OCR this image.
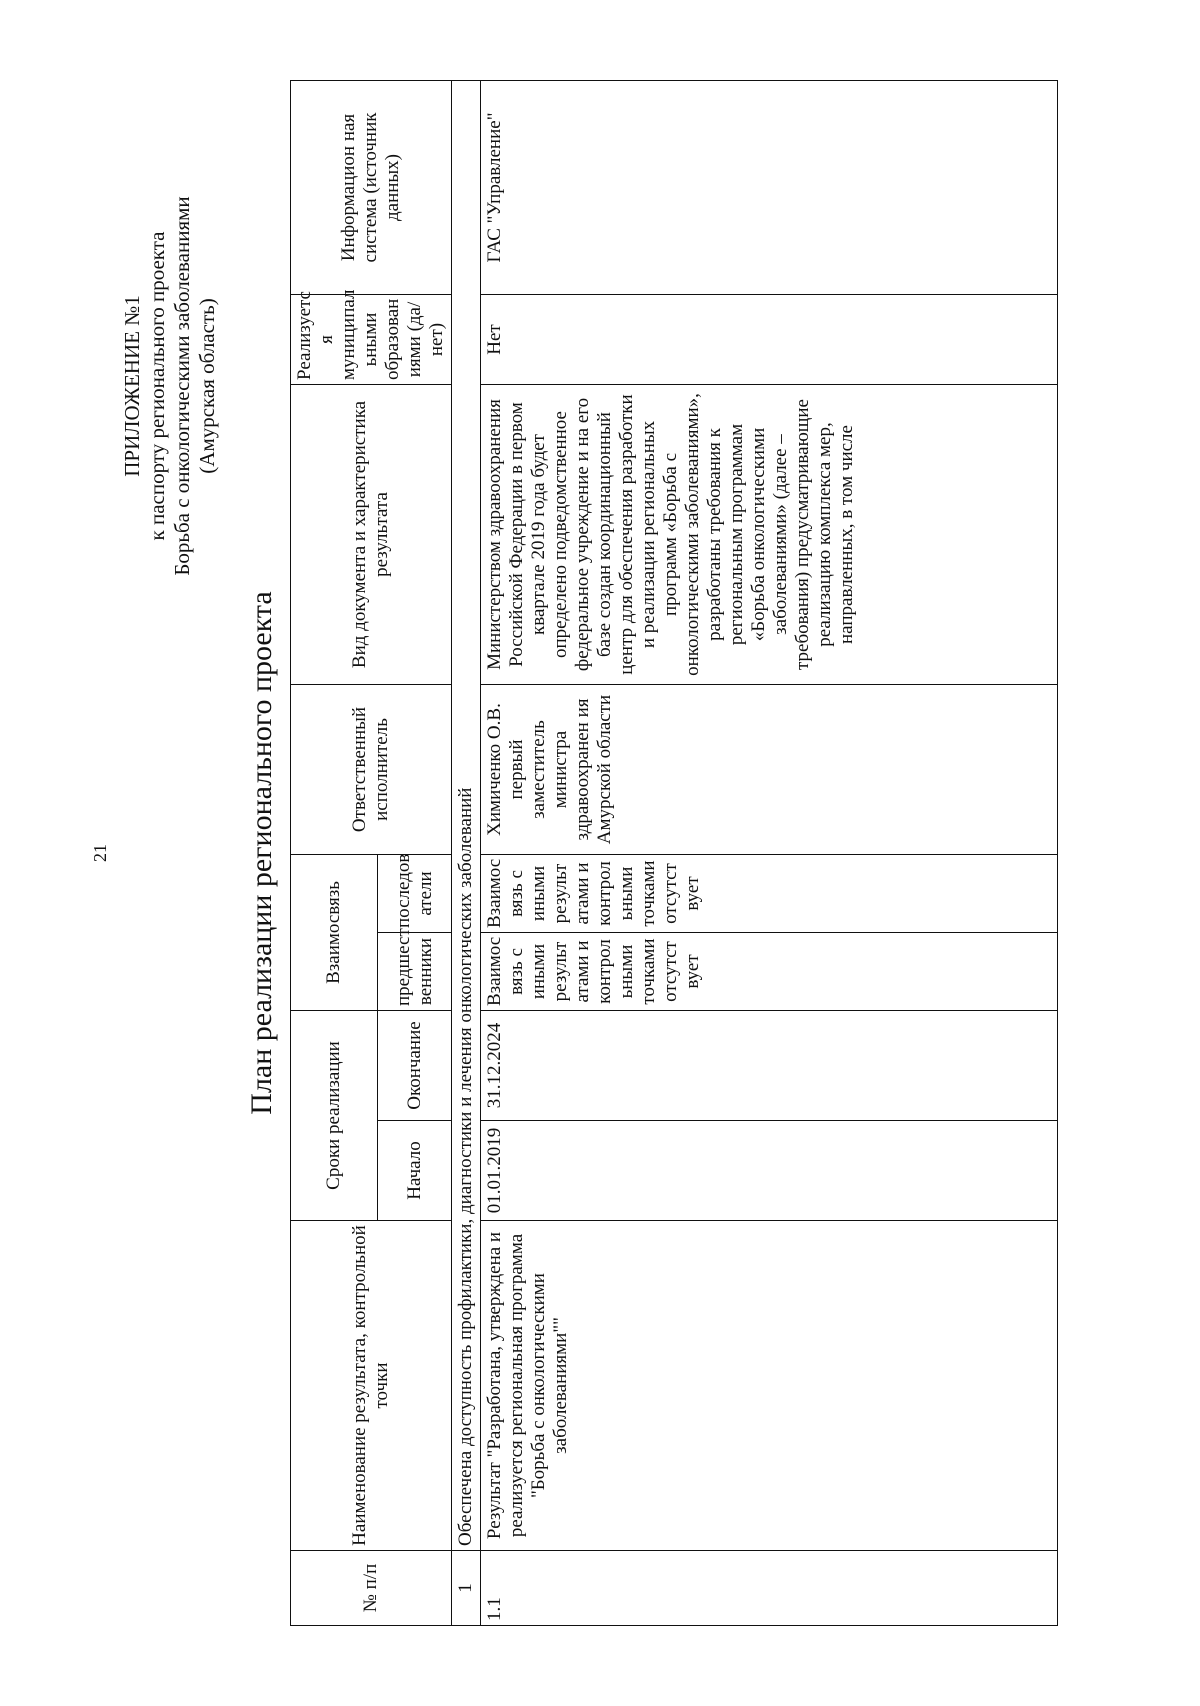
21
ПРИЛОЖЕНИЕ №1 к паспорту регионального проекта Борьба с онкологическими заболеваниями (Амурская область)
План реализации регионального проекта
№ п/п	Наименование результата, контрольной точки	Сроки реализации		Взаимосвязь		Ответственный исполнитель	Вид документа и характеристика результата	Реализуетс я муниципал ьными образован иями (да/нет)	Информацион ная система (источник данных)
		Начало	Окончание	предшест венники	последов атели				
1	Обеспечена доступность профилактики, диагностики и лечения онкологических заболеваний								
1.1	Результат "Разработана, утверждена и реализуется региональная программа "Борьба с онкологическими заболеваниями""	01.01.2019	31.12.2024	Взаимос вязь с иными результ атами и контрол ьными точками отсутст вует	Взаимос вязь с иными результ атами и контрол ьными точками отсутст вует	Химиченко О.В. первый заместитель министра здравоохранен ия Амурской области	Министерством здравоохранения Российской Федерации в первом квартале 2019 года будет определено подведомственное федеральное учреждение и на его базе создан координационный центр для обеспечения разработки и реализации региональных программ «Борьба с онкологическими заболеваниями», разработаны требования к региональным программам «Борьба онкологическими заболеваниями» (далее – требования) предусматривающие реализацию комплекса мер, направленных, в том числе	Нет	ГАС "Управление"
